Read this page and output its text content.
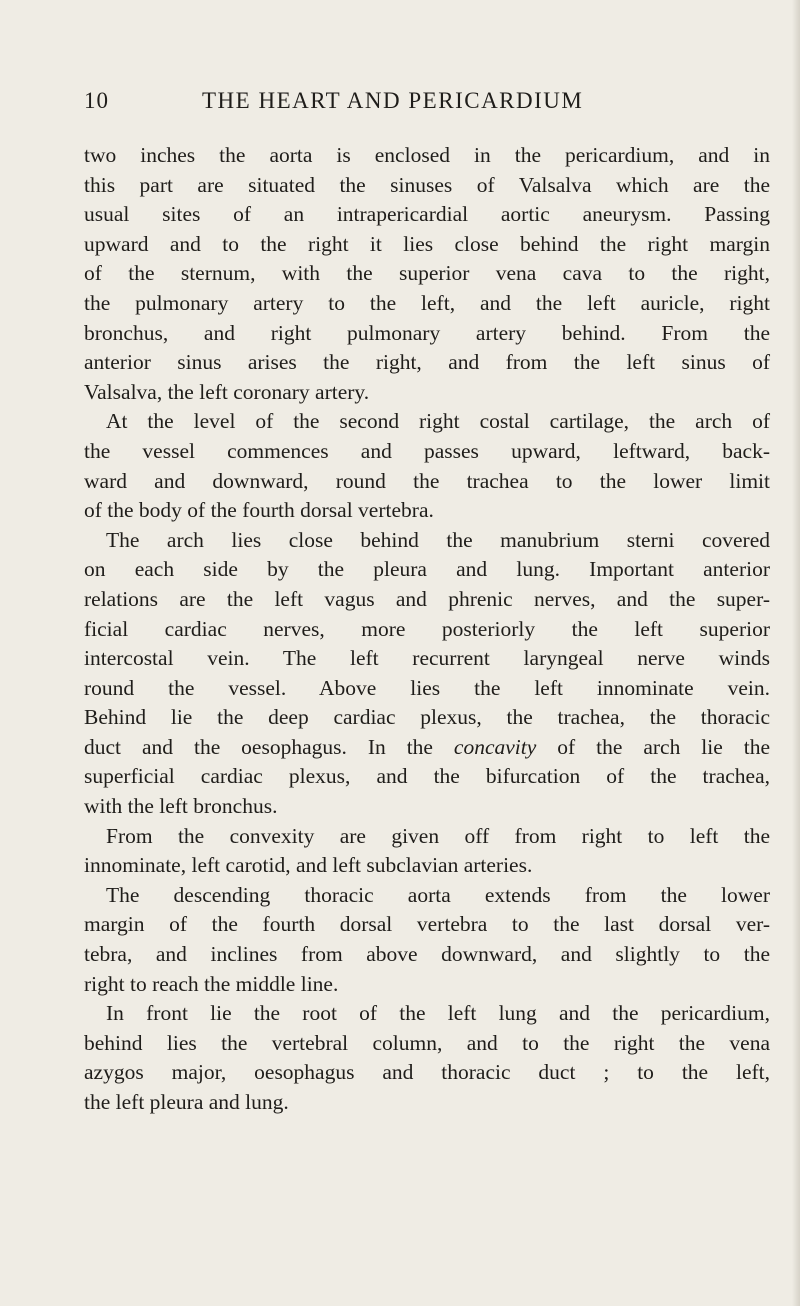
10	THE HEART AND PERICARDIUM
two inches the aorta is enclosed in the pericardium, and in
this part are situated the sinuses of Valsalva which are the
usual sites of an intrapericardial aortic aneurysm. Passing
upward and to the right it lies close behind the right margin
of the sternum, with the superior vena cava to the right,
the pulmonary artery to the left, and the left auricle, right
bronchus, and right pulmonary artery behind. From the
anterior sinus arises the right, and from the left sinus of
Valsalva, the left coronary artery.
At the level of the second right costal cartilage, the arch of
the vessel commences and passes upward, leftward, back-
ward and downward, round the trachea to the lower limit
of the body of the fourth dorsal vertebra.
The arch lies close behind the manubrium sterni covered
on each side by the pleura and lung. Important anterior
relations are the left vagus and phrenic nerves, and the super-
ficial cardiac nerves, more posteriorly the left superior
intercostal vein. The left recurrent laryngeal nerve winds
round the vessel. Above lies the left innominate vein.
Behind lie the deep cardiac plexus, the trachea, the thoracic
duct and the oesophagus. In the concavity of the arch lie the
superficial cardiac plexus, and the bifurcation of the trachea,
with the left bronchus.
From the convexity are given off from right to left the
innominate, left carotid, and left subclavian arteries.
The descending thoracic aorta extends from the lower
margin of the fourth dorsal vertebra to the last dorsal ver-
tebra, and inclines from above downward, and slightly to the
right to reach the middle line.
In front lie the root of the left lung and the pericardium,
behind lies the vertebral column, and to the right the vena
azygos major, oesophagus and thoracic duct ; to the left,
the left pleura and lung.
